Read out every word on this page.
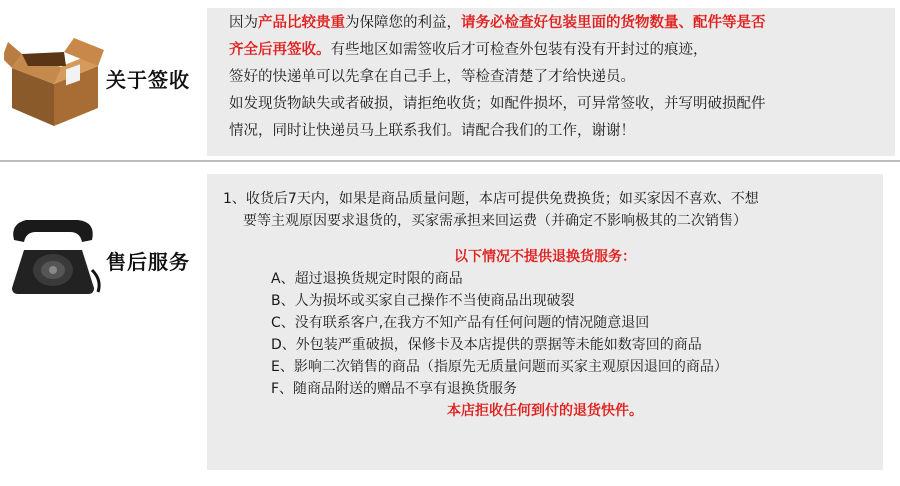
关于签收
因为产品比较贵重为保障您的利益，请务必检查好包装里面的货物数量、配件等是否
齐全后再签收。有些地区如需签收后才可检查外包装有没有开封过的痕迹，
签好的快递单可以先拿在自己手上，等检查清楚了才给快递员。
如发现货物缺失或者破损，请拒绝收货；如配件损坏，可异常签收，并写明破损配件
情况，同时让快递员马上联系我们。请配合我们的工作，谢谢！
售后服务
1、收货后7天内，如果是商品质量问题，本店可提供免费换货；如买家因不喜欢、不想
要等主观原因要求退货的，买家需承担来回运费（并确定不影响极其的二次销售）
以下情况不提供退换货服务：
A、超过退换货规定时限的商品
B、人为损坏或买家自己操作不当使商品出现破裂
C、没有联系客户,在我方不知产品有任何问题的情况随意退回
D、外包装严重破损，保修卡及本店提供的票据等未能如数寄回的商品
E、影响二次销售的商品（指原先无质量问题而买家主观原因退回的商品）
F、随商品附送的赠品不享有退换货服务
本店拒收任何到付的退货快件。
